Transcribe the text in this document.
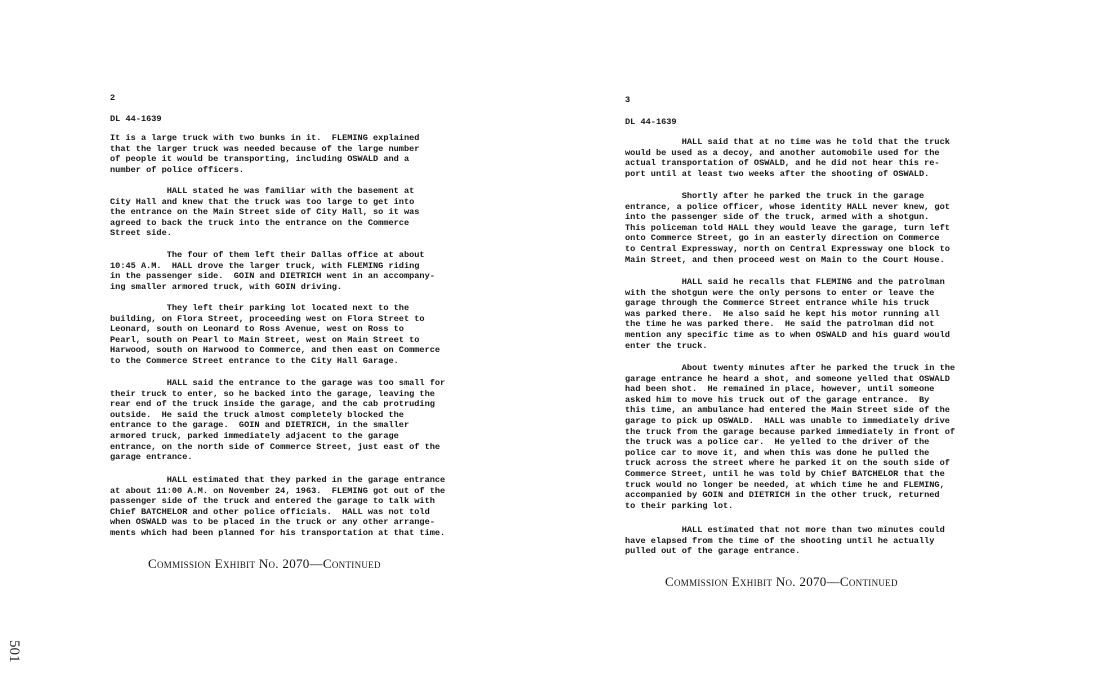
2
DL 44-1639

It is a large truck with two bunks in it.  FLEMING explained
that the larger truck was needed because of the large number
of people it would be transporting, including OSWALD and a
number of police officers.

HALL stated he was familiar with the basement at
City Hall and knew that the truck was too large to get into
the entrance on the Main Street side of City Hall, so it was
agreed to back the truck into the entrance on the Commerce
Street side.

The four of them left their Dallas office at about
10:45 A.M.  HALL drove the larger truck, with FLEMING riding
in the passenger side.  GOIN and DIETRICH went in an accompany-
ing smaller armored truck, with GOIN driving.

They left their parking lot located next to the
building, on Flora Street, proceeding west on Flora Street to
Leonard, south on Leonard to Ross Avenue, west on Ross to
Pearl, south on Pearl to Main Street, west on Main Street to
Harwood, south on Harwood to Commerce, and then east on Commerce
to the Commerce Street entrance to the City Hall Garage.

HALL said the entrance to the garage was too small for
their truck to enter, so he backed into the garage, leaving the
rear end of the truck inside the garage, and the cab protruding
outside.  He said the truck almost completely blocked the
entrance to the garage.  GOIN and DIETRICH, in the smaller
armored truck, parked immediately adjacent to the garage
entrance, on the north side of Commerce Street, just east of the
garage entrance.

HALL estimated that they parked in the garage entrance
at about 11:00 A.M. on November 24, 1963.  FLEMING got out of the
passenger side of the truck and entered the garage to talk with
Chief BATCHELOR and other police officials.  HALL was not told
when OSWALD was to be placed in the truck or any other arrange-
ments which had been planned for his transportation at that time.

Commission Exhibit No. 2070—Continued
3
DL 44-1639

HALL said that at no time was he told that the truck
would be used as a decoy, and another automobile used for the
actual transportation of OSWALD, and he did not hear this re-
port until at least two weeks after the shooting of OSWALD.

Shortly after he parked the truck in the garage
entrance, a police officer, whose identity HALL never knew, got
into the passenger side of the truck, armed with a shotgun.
This policeman told HALL they would leave the garage, turn left
onto Commerce Street, go in an easterly direction on Commerce
to Central Expressway, north on Central Expressway one block to
Main Street, and then proceed west on Main to the Court House.

HALL said he recalls that FLEMING and the patrolman
with the shotgun were the only persons to enter or leave the
garage through the Commerce Street entrance while his truck
was parked there.  He also said he kept his motor running all
the time he was parked there.  He said the patrolman did not
mention any specific time as to when OSWALD and his guard would
enter the truck.

About twenty minutes after he parked the truck in the
garage entrance he heard a shot, and someone yelled that OSWALD
had been shot.  He remained in place, however, until someone
asked him to move his truck out of the garage entrance.  By
this time, an ambulance had entered the Main Street side of the
garage to pick up OSWALD.  HALL was unable to immediately drive
the truck from the garage because parked immediately in front of
the truck was a police car.  He yelled to the driver of the
police car to move it, and when this was done he pulled the
truck across the street where he parked it on the south side of
Commerce Street, until he was told by Chief BATCHELOR that the
truck would no longer be needed, at which time he and FLEMING,
accompanied by GOIN and DIETRICH in the other truck, returned
to their parking lot.

HALL estimated that not more than two minutes could
have elapsed from the time of the shooting until he actually
pulled out of the garage entrance.

Commission Exhibit No. 2070—Continued
501
